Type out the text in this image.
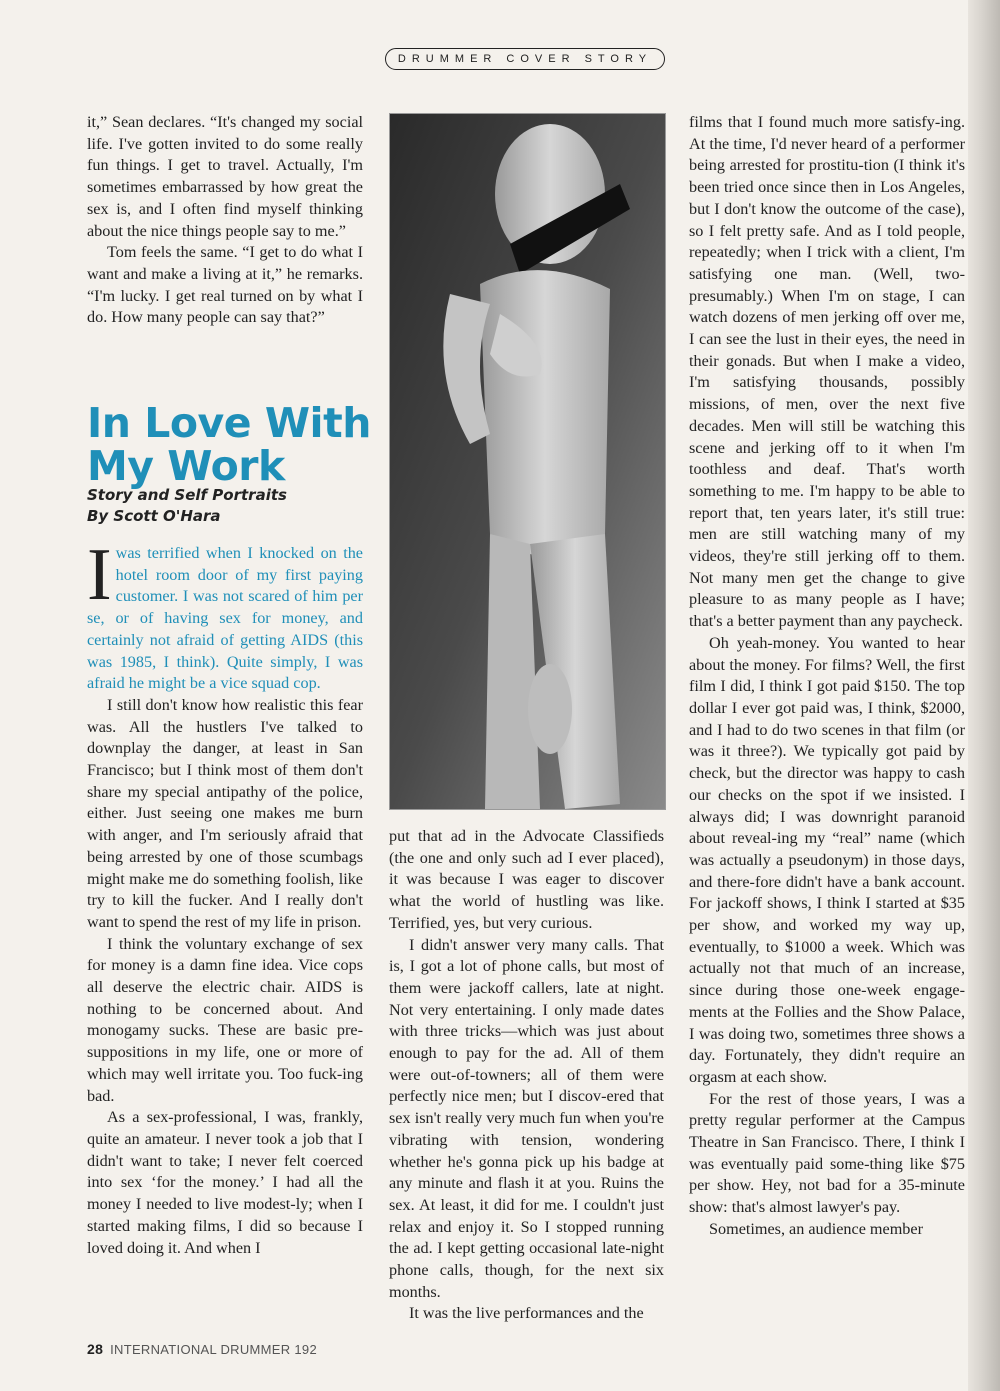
DRUMMER COVER STORY

it,” Sean declares. “It's changed my social life. I've gotten invited to do some really fun things. I get to travel. Actually, I'm sometimes embarrassed by how great the sex is, and I often find myself thinking about the nice things people say to me.”

Tom feels the same. “I get to do what I want and make a living at it,” he remarks. “I'm lucky. I get real turned on by what I do. How many people can say that?”

In Love With
My Work
Story and Self Portraits
By Scott O'Hara

Iwas terrified when I knocked on the hotel room door of my first paying customer. I was not scared of him per se, or of having sex for money, and certainly not afraid of getting AIDS (this was 1985, I think). Quite simply, I was afraid he might be a vice squad cop.

I still don't know how realistic this fear was. All the hustlers I've talked to downplay the danger, at least in San Francisco; but I think most of them don't share my special antipathy of the police, either. Just seeing one makes me burn with anger, and I'm seriously afraid that being arrested by one of those scumbags might make me do something foolish, like try to kill the fucker. And I really don't want to spend the rest of my life in prison.

I think the voluntary exchange of sex for money is a damn fine idea. Vice cops all deserve the electric chair. AIDS is nothing to be concerned about. And monogamy sucks. These are basic pre-suppositions in my life, one or more of which may well irritate you. Too fuck-ing bad.

As a sex-professional, I was, frankly, quite an amateur. I never took a job that I didn't want to take; I never felt coerced into sex ‘for the money.’ I had all the money I needed to live modest-ly; when I started making films, I did so because I loved doing it. And when I

put that ad in the Advocate Classifieds (the one and only such ad I ever placed), it was because I was eager to discover what the world of hustling was like. Terrified, yes, but very curious.

I didn't answer very many calls. That is, I got a lot of phone calls, but most of them were jackoff callers, late at night. Not very entertaining. I only made dates with three tricks—which was just about enough to pay for the ad. All of them were out-of-towners; all of them were perfectly nice men; but I discov-ered that sex isn't really very much fun when you're vibrating with tension, wondering whether he's gonna pick up his badge at any minute and flash it at you. Ruins the sex. At least, it did for me. I couldn't just relax and enjoy it. So I stopped running the ad. I kept getting occasional late-night phone calls, though, for the next six months.

It was the live performances and the

films that I found much more satisfy-ing. At the time, I'd never heard of a performer being arrested for prostitu-tion (I think it's been tried once since then in Los Angeles, but I don't know the outcome of the case), so I felt pretty safe. And as I told people, repeatedly; when I trick with a client, I'm satisfying one man. (Well, two-presumably.) When I'm on stage, I can watch dozens of men jerking off over me, I can see the lust in their eyes, the need in their gonads. But when I make a video, I'm satisfying thousands, possibly missions, of men, over the next five decades. Men will still be watching this scene and jerking off to it when I'm toothless and deaf. That's worth something to me. I'm happy to be able to report that, ten years later, it's still true: men are still watching many of my videos, they're still jerking off to them. Not many men get the change to give pleasure to as many people as I have; that's a better payment than any paycheck.

Oh yeah-money. You wanted to hear about the money. For films? Well, the first film I did, I think I got paid $150. The top dollar I ever got paid was, I think, $2000, and I had to do two scenes in that film (or was it three?). We typically got paid by check, but the director was happy to cash our checks on the spot if we insisted. I always did; I was downright paranoid about reveal-ing my “real” name (which was actually a pseudonym) in those days, and there-fore didn't have a bank account. For jackoff shows, I think I started at $35 per show, and worked my way up, eventually, to $1000 a week. Which was actually not that much of an increase, since during those one-week engage-ments at the Follies and the Show Palace, I was doing two, sometimes three shows a day. Fortunately, they didn't require an orgasm at each show.

For the rest of those years, I was a pretty regular performer at the Campus Theatre in San Francisco. There, I think I was eventually paid some-thing like $75 per show. Hey, not bad for a 35-minute show: that's almost lawyer's pay.

Sometimes, an audience member

28 INTERNATIONAL DRUMMER 192
